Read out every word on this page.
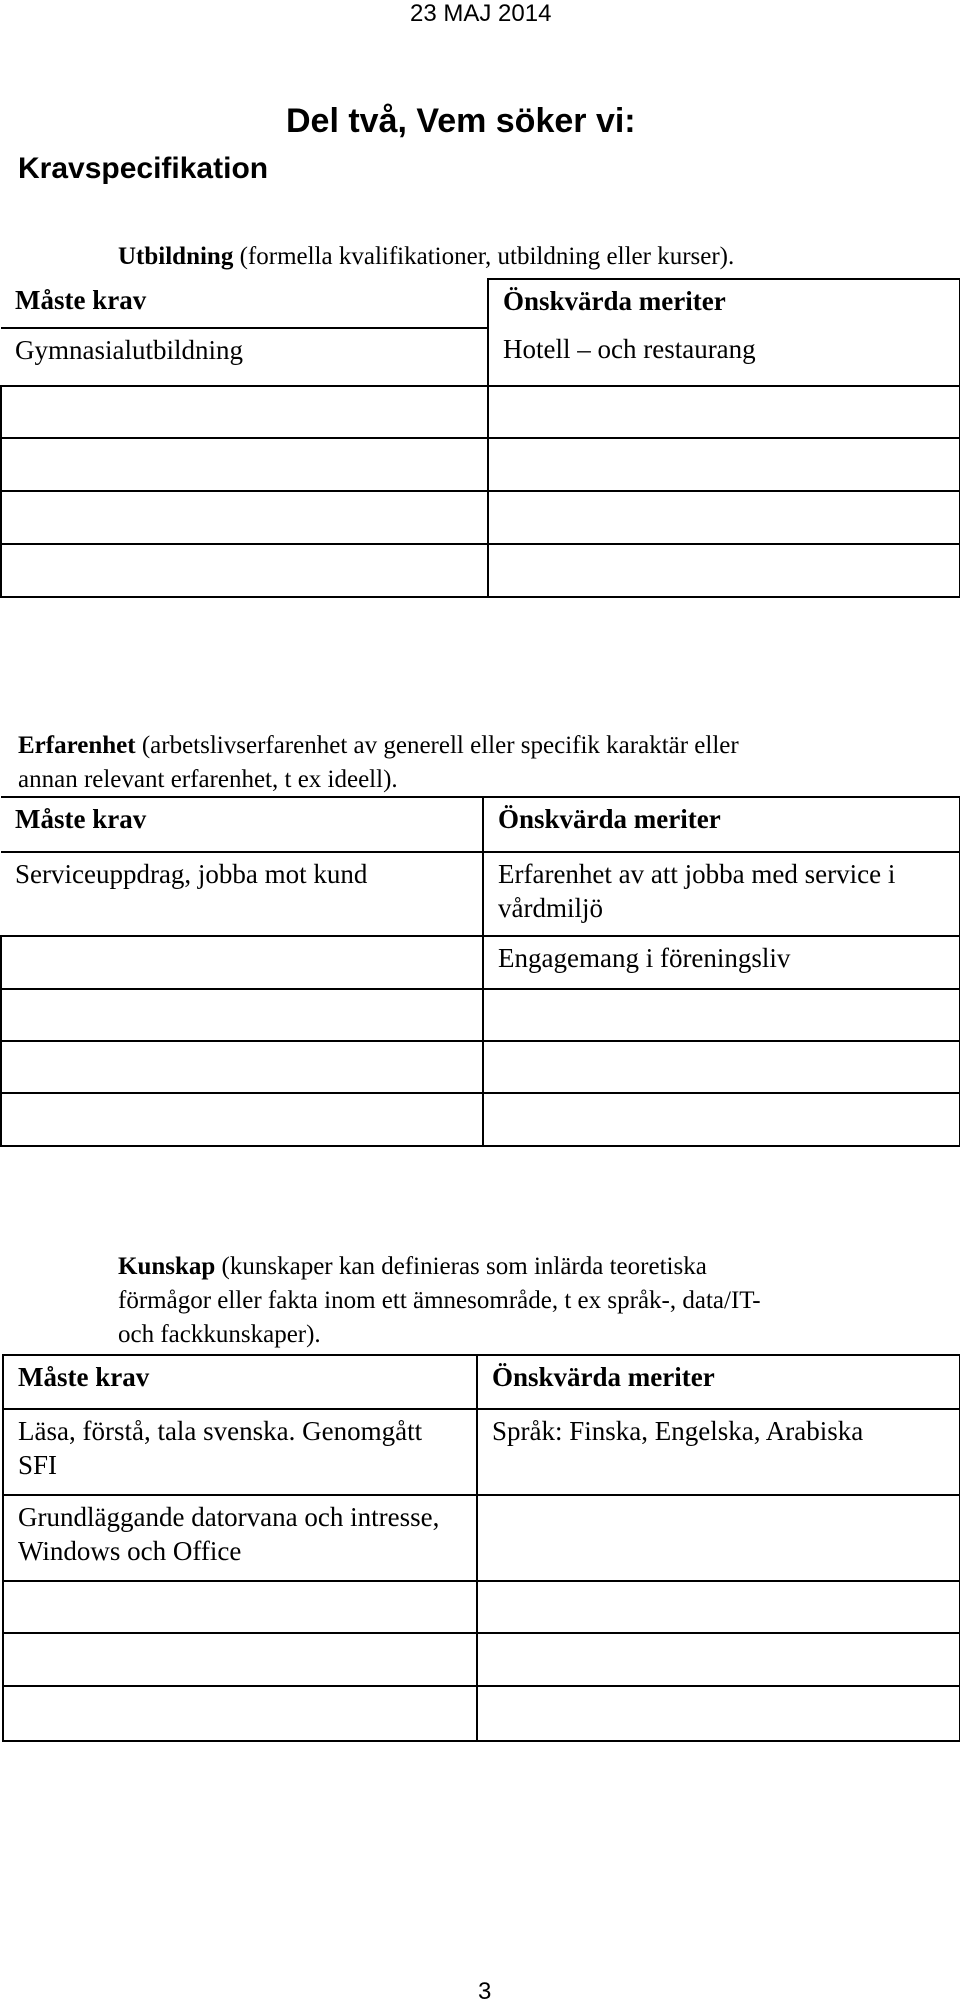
23 MAJ 2014
Del två, Vem söker vi:
Kravspecifikation
Utbildning (formella kvalifikationer, utbildning eller kurser).
Måste krav	Önskvärda meriter
Gymnasialutbildning	Hotell – och restaurang

Erfarenhet (arbetslivserfarenhet av generell eller specifik karaktär eller
annan relevant erfarenhet, t ex ideell).
Måste krav	Önskvärda meriter
Serviceuppdrag, jobba mot kund	Erfarenhet av att jobba med service i vårdmiljö
	Engagemang i föreningsliv

Kunskap (kunskaper kan definieras som inlärda teoretiska
förmågor eller fakta inom ett ämnesområde, t ex språk-, data/IT-
och fackkunskaper).
Måste krav	Önskvärda meriter
Läsa, förstå, tala svenska. Genomgått SFI	Språk: Finska, Engelska, Arabiska
Grundläggande datorvana och intresse, Windows och Office	

3
